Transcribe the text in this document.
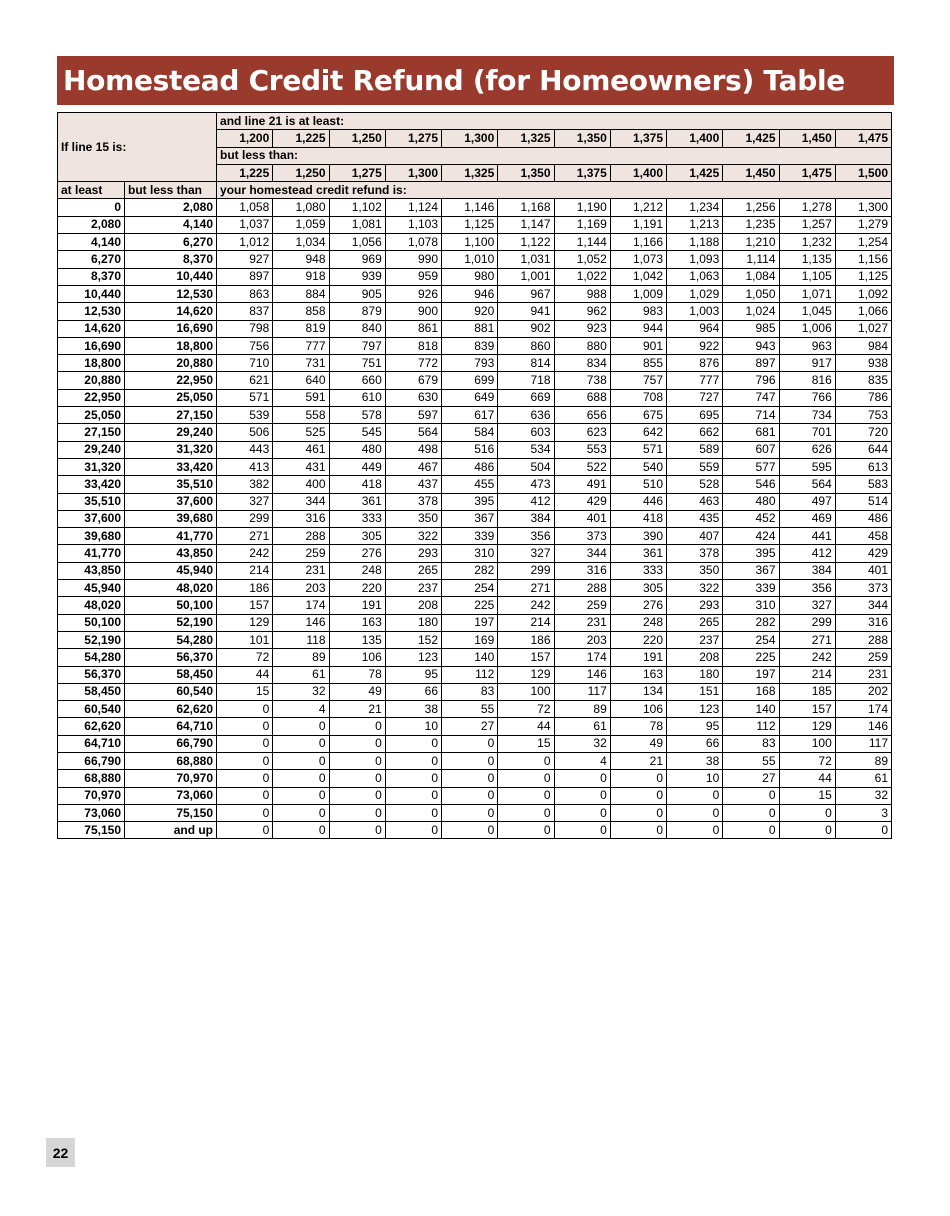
Homestead Credit Refund (for Homeowners) Table
If line 15 is:		and line 21 is at least:											
		1,200	1,225	1,250	1,275	1,300	1,325	1,350	1,375	1,400	1,425	1,450	1,475
		but less than:											
		1,225	1,250	1,275	1,300	1,325	1,350	1,375	1,400	1,425	1,450	1,475	1,500
at least	but less than	your homestead credit refund is:											
0	2,080	1,058	1,080	1,102	1,124	1,146	1,168	1,190	1,212	1,234	1,256	1,278	1,300
2,080	4,140	1,037	1,059	1,081	1,103	1,125	1,147	1,169	1,191	1,213	1,235	1,257	1,279
4,140	6,270	1,012	1,034	1,056	1,078	1,100	1,122	1,144	1,166	1,188	1,210	1,232	1,254
6,270	8,370	927	948	969	990	1,010	1,031	1,052	1,073	1,093	1,114	1,135	1,156
8,370	10,440	897	918	939	959	980	1,001	1,022	1,042	1,063	1,084	1,105	1,125
10,440	12,530	863	884	905	926	946	967	988	1,009	1,029	1,050	1,071	1,092
12,530	14,620	837	858	879	900	920	941	962	983	1,003	1,024	1,045	1,066
14,620	16,690	798	819	840	861	881	902	923	944	964	985	1,006	1,027
16,690	18,800	756	777	797	818	839	860	880	901	922	943	963	984
18,800	20,880	710	731	751	772	793	814	834	855	876	897	917	938
20,880	22,950	621	640	660	679	699	718	738	757	777	796	816	835
22,950	25,050	571	591	610	630	649	669	688	708	727	747	766	786
25,050	27,150	539	558	578	597	617	636	656	675	695	714	734	753
27,150	29,240	506	525	545	564	584	603	623	642	662	681	701	720
29,240	31,320	443	461	480	498	516	534	553	571	589	607	626	644
31,320	33,420	413	431	449	467	486	504	522	540	559	577	595	613
33,420	35,510	382	400	418	437	455	473	491	510	528	546	564	583
35,510	37,600	327	344	361	378	395	412	429	446	463	480	497	514
37,600	39,680	299	316	333	350	367	384	401	418	435	452	469	486
39,680	41,770	271	288	305	322	339	356	373	390	407	424	441	458
41,770	43,850	242	259	276	293	310	327	344	361	378	395	412	429
43,850	45,940	214	231	248	265	282	299	316	333	350	367	384	401
45,940	48,020	186	203	220	237	254	271	288	305	322	339	356	373
48,020	50,100	157	174	191	208	225	242	259	276	293	310	327	344
50,100	52,190	129	146	163	180	197	214	231	248	265	282	299	316
52,190	54,280	101	118	135	152	169	186	203	220	237	254	271	288
54,280	56,370	72	89	106	123	140	157	174	191	208	225	242	259
56,370	58,450	44	61	78	95	112	129	146	163	180	197	214	231
58,450	60,540	15	32	49	66	83	100	117	134	151	168	185	202
60,540	62,620	0	4	21	38	55	72	89	106	123	140	157	174
62,620	64,710	0	0	0	10	27	44	61	78	95	112	129	146
64,710	66,790	0	0	0	0	0	15	32	49	66	83	100	117
66,790	68,880	0	0	0	0	0	0	4	21	38	55	72	89
68,880	70,970	0	0	0	0	0	0	0	0	10	27	44	61
70,970	73,060	0	0	0	0	0	0	0	0	0	0	15	32
73,060	75,150	0	0	0	0	0	0	0	0	0	0	0	3
75,150	and up	0	0	0	0	0	0	0	0	0	0	0	0
22
